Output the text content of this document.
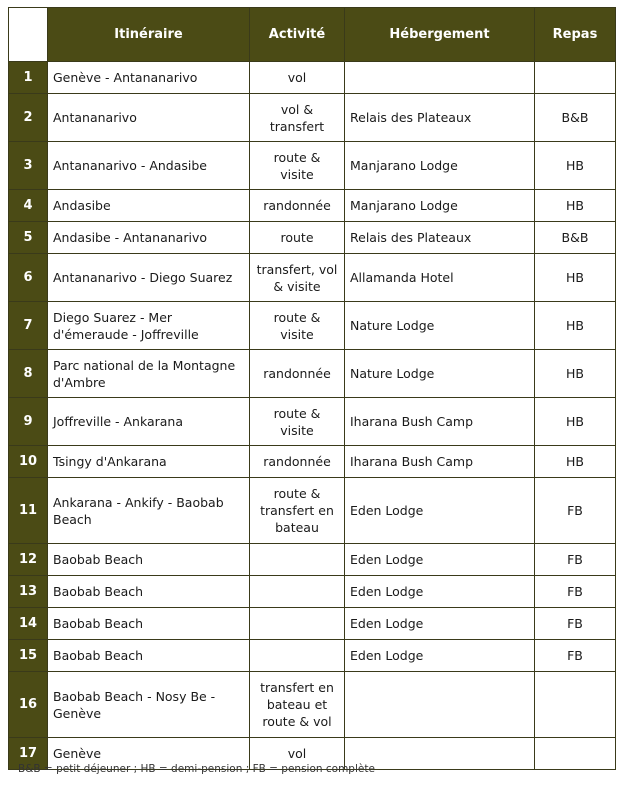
	Itinéraire	Activité	Hébergement	Repas
1	Genève - Antananarivo	vol		
2	Antananarivo	vol & transfert	Relais des Plateaux	B&B
3	Antananarivo - Andasibe	route & visite	Manjarano Lodge	HB
4	Andasibe	randonnée	Manjarano Lodge	HB
5	Andasibe - Antananarivo	route	Relais des Plateaux	B&B
6	Antananarivo - Diego Suarez	transfert, vol & visite	Allamanda Hotel	HB
7	Diego Suarez - Mer d'émeraude - Joffreville	route & visite	Nature Lodge	HB
8	Parc national de la Montagne d'Ambre	randonnée	Nature Lodge	HB
9	Joffreville - Ankarana	route & visite	Iharana Bush Camp	HB
10	Tsingy d'Ankarana	randonnée	Iharana Bush Camp	HB
11	Ankarana - Ankify - Baobab Beach	route & transfert en bateau	Eden Lodge	FB
12	Baobab Beach		Eden Lodge	FB
13	Baobab Beach		Eden Lodge	FB
14	Baobab Beach		Eden Lodge	FB
15	Baobab Beach		Eden Lodge	FB
16	Baobab Beach - Nosy Be - Genève	transfert en bateau et route & vol		
17	Genève	vol		
B&B = petit déjeuner ; HB = demi-pension ; FB = pension complète
